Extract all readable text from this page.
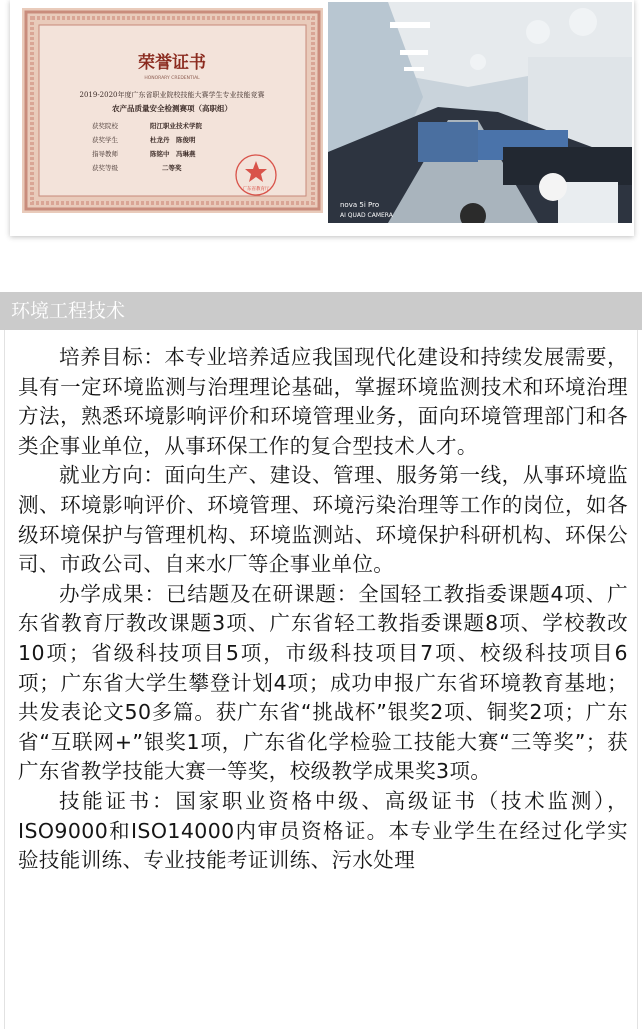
荣誉证书
HONORARY CREDENTIAL
2019-2020年度广东省职业院校技能大赛学生专业技能竞赛
农产品质量安全检测赛项（高职组）
获奖院校	阳江职业技术学院
获奖学生	杜龙丹　陈俊明
指导教师	陈铭中　冯琳燕
获奖等级	二等奖
广东省教育厅
nova 5i Pro
AI QUAD CAMERA
环境工程技术

培养目标：本专业培养适应我国现代化建设和持续发展需要，具有一定环境监测与治理理论基础，掌握环境监测技术和环境治理方法，熟悉环境影响评价和环境管理业务，面向环境管理部门和各类企事业单位，从事环保工作的复合型技术人才。

就业方向：面向生产、建设、管理、服务第一线，从事环境监测、环境影响评价、环境管理、环境污染治理等工作的岗位，如各级环境保护与管理机构、环境监测站、环境保护科研机构、环保公司、市政公司、自来水厂等企事业单位。

办学成果：已结题及在研课题：全国轻工教指委课题4项、广东省教育厅教改课题3项、广东省轻工教指委课题8项、学校教改10项；省级科技项目5项，市级科技项目7项、校级科技项目6项；广东省大学生攀登计划4项；成功申报广东省环境教育基地；共发表论文50多篇。获广东省“挑战杯”银奖2项、铜奖2项；广东省“互联网+”银奖1项，广东省化学检验工技能大赛“三等奖”；获广东省教学技能大赛一等奖，校级教学成果奖3项。

技能证书：国家职业资格中级、高级证书（技术监测），ISO9000和ISO14000内审员资格证。本专业学生在经过化学实验技能训练、专业技能考证训练、污水处理
